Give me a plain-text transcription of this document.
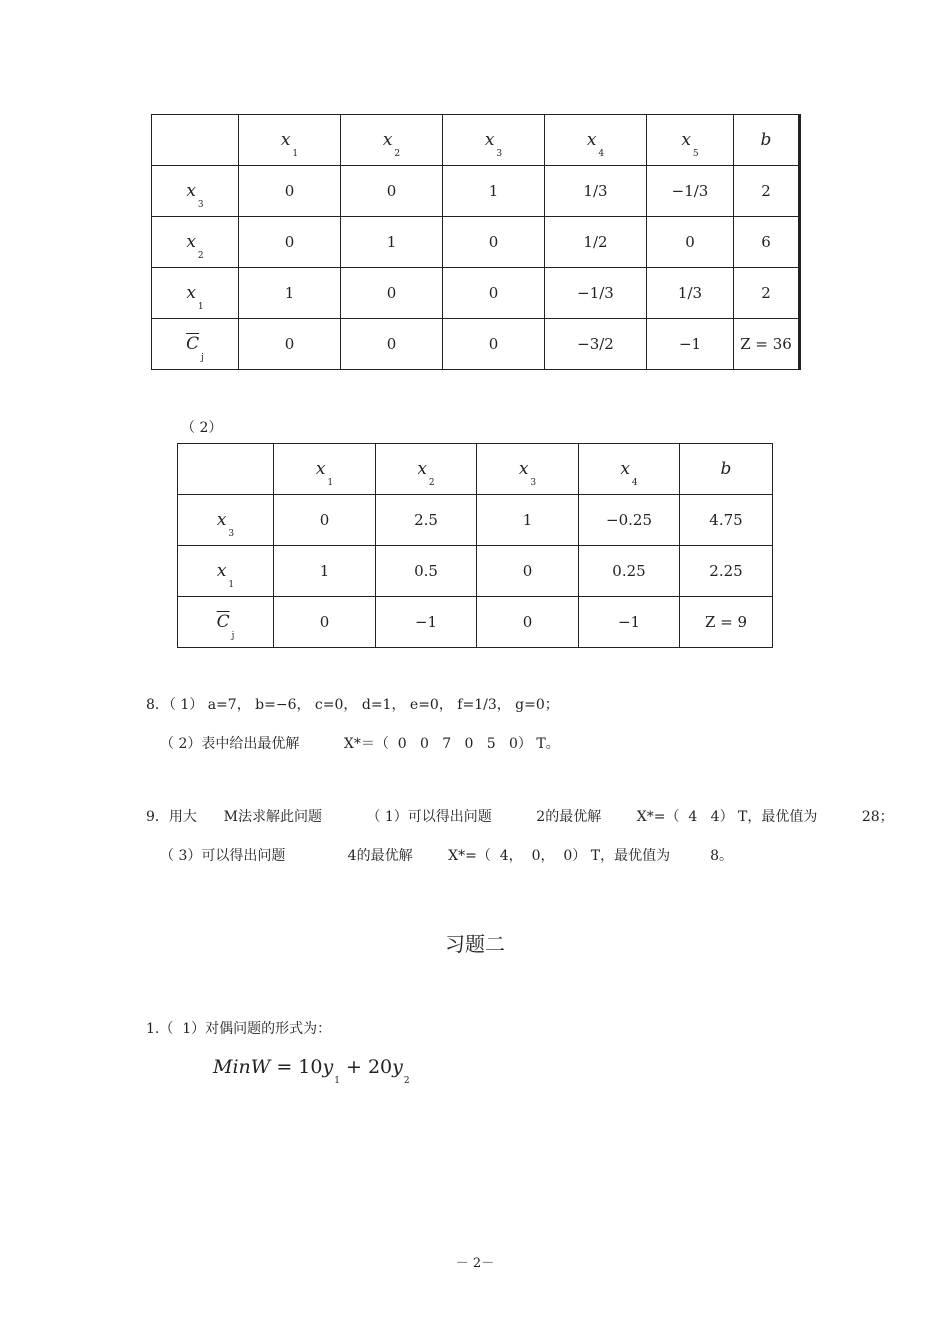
	$x_1$	$x_2$	$x_3$	$x_4$	$x_5$	b
$x_3$	0	0	1	1/3	−1/3	2
$x_2$	0	1	0	1/2	0	6
$x_1$	1	0	0	−1/3	1/3	2
$\overline{C}_j$	0	0	0	−3/2	−1	Z = 36
（ 2）
	$x_1$	$x_2$	$x_3$	$x_4$	b
$x_3$	0	2.5	1	−0.25	4.75
$x_1$	1	0.5	0	0.25	2.25
$\overline{C}_j$	0	−1	0	−1	Z = 9
8．（ 1） a=7， b=−6， c=0， d=1， e=0， f=1/3， g=0；
（ 2）表中给出最优解          X*＝（  0   0   7   0   5   0） T。
9．用大      M法求解此问题          （ 1）可以得出问题          2的最优解        X*=（  4   4） T，最优值为          28；
（ 3）可以得出问题              4的最优解        X*=（  4，  0，  0） T，最优值为         8。
习题二
1.（  1）对偶问题的形式为：
MinW = $10y_1 + 20y_2$
－ 2－
